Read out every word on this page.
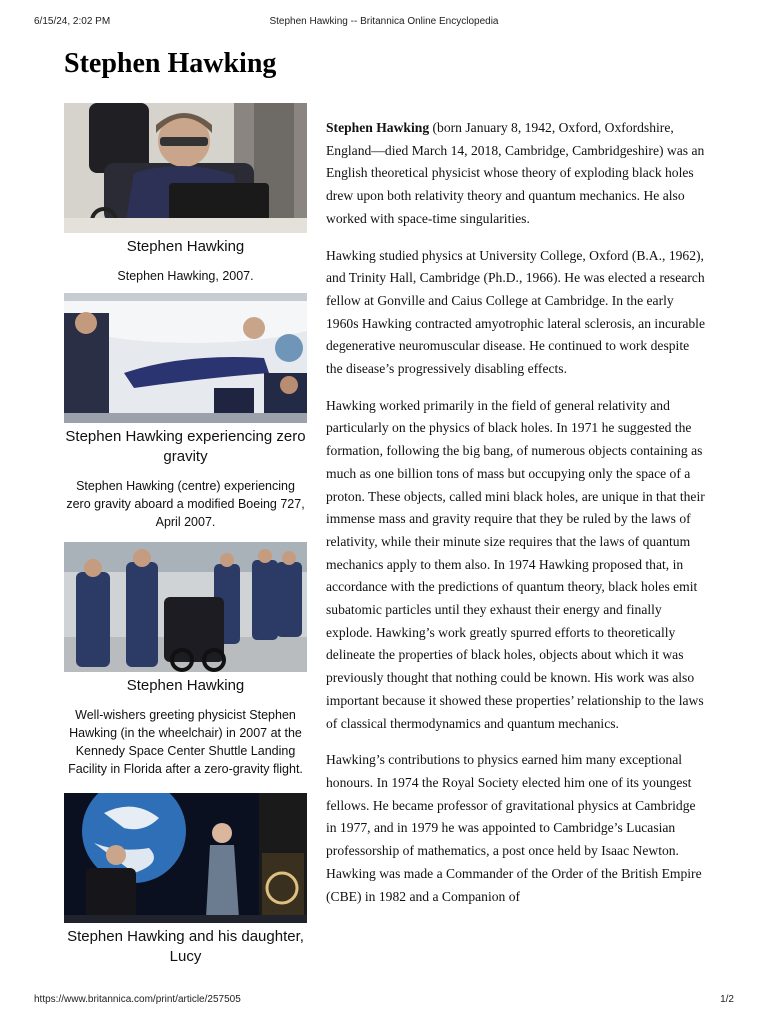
6/15/24, 2:02 PM	Stephen Hawking -- Britannica Online Encyclopedia
Stephen Hawking
Stephen Hawking
Stephen Hawking, 2007.
Stephen Hawking experiencing zero gravity
Stephen Hawking (centre) experiencing zero gravity aboard a modified Boeing 727, April 2007.
Stephen Hawking
Well-wishers greeting physicist Stephen Hawking (in the wheelchair) in 2007 at the Kennedy Space Center Shuttle Landing Facility in Florida after a zero-gravity flight.
Stephen Hawking and his daughter, Lucy

Stephen Hawking (born January 8, 1942, Oxford, Oxfordshire, England—died March 14, 2018, Cambridge, Cambridgeshire) was an English theoretical physicist whose theory of exploding black holes drew upon both relativity theory and quantum mechanics. He also worked with space-time singularities.

Hawking studied physics at University College, Oxford (B.A., 1962), and Trinity Hall, Cambridge (Ph.D., 1966). He was elected a research fellow at Gonville and Caius College at Cambridge. In the early 1960s Hawking contracted amyotrophic lateral sclerosis, an incurable degenerative neuromuscular disease. He continued to work despite the disease’s progressively disabling effects.

Hawking worked primarily in the field of general relativity and particularly on the physics of black holes. In 1971 he suggested the formation, following the big bang, of numerous objects containing as much as one billion tons of mass but occupying only the space of a proton. These objects, called mini black holes, are unique in that their immense mass and gravity require that they be ruled by the laws of relativity, while their minute size requires that the laws of quantum mechanics apply to them also. In 1974 Hawking proposed that, in accordance with the predictions of quantum theory, black holes emit subatomic particles until they exhaust their energy and finally explode. Hawking’s work greatly spurred efforts to theoretically delineate the properties of black holes, objects about which it was previously thought that nothing could be known. His work was also important because it showed these properties’ relationship to the laws of classical thermodynamics and quantum mechanics.

Hawking’s contributions to physics earned him many exceptional honours. In 1974 the Royal Society elected him one of its youngest fellows. He became professor of gravitational physics at Cambridge in 1977, and in 1979 he was appointed to Cambridge’s Lucasian professorship of mathematics, a post once held by Isaac Newton. Hawking was made a Commander of the Order of the British Empire (CBE) in 1982 and a Companion of

https://www.britannica.com/print/article/257505	1/2
